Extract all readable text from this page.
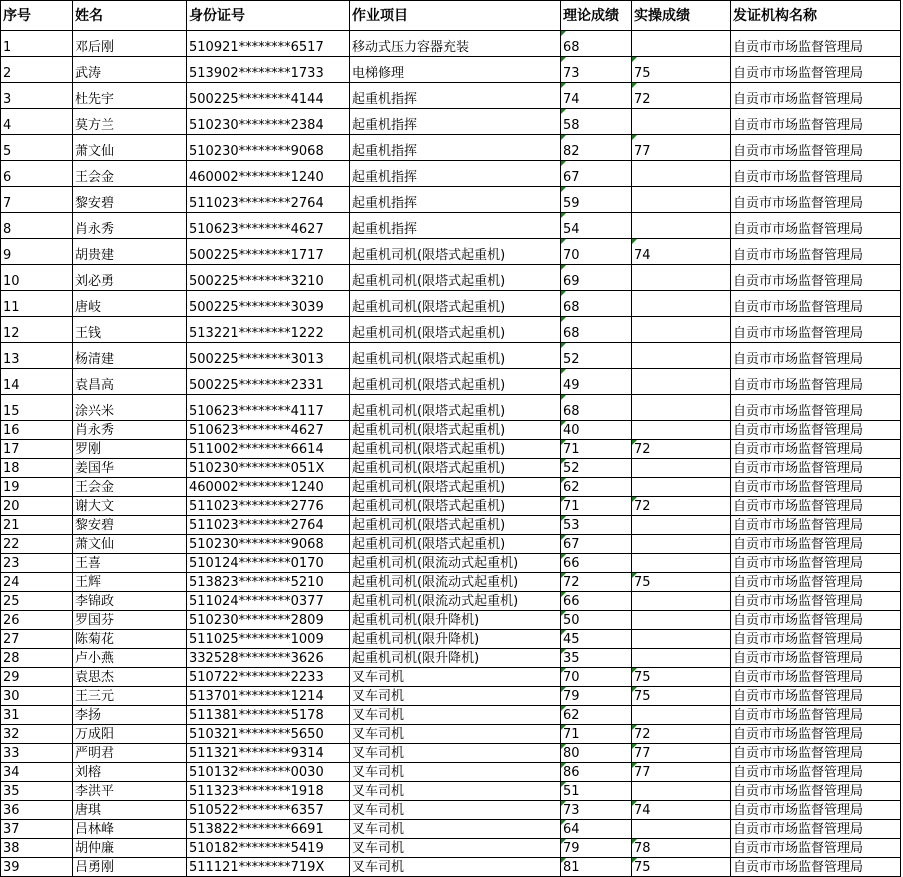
序号	姓名	身份证号	作业项目	理论成绩	实操成绩	发证机构名称
1	邓后刚	510921********6517	移动式压力容器充装	68		自贡市市场监督管理局
2	武涛	513902********1733	电梯修理	73	75	自贡市市场监督管理局
3	杜先宇	500225********4144	起重机指挥	74	72	自贡市市场监督管理局
4	莫方兰	510230********2384	起重机指挥	58		自贡市市场监督管理局
5	萧文仙	510230********9068	起重机指挥	82	77	自贡市市场监督管理局
6	王会金	460002********1240	起重机指挥	67		自贡市市场监督管理局
7	黎安碧	511023********2764	起重机指挥	59		自贡市市场监督管理局
8	肖永秀	510623********4627	起重机指挥	54		自贡市市场监督管理局
9	胡贵建	500225********1717	起重机司机(限塔式起重机)	70	74	自贡市市场监督管理局
10	刘必勇	500225********3210	起重机司机(限塔式起重机)	69		自贡市市场监督管理局
11	唐岐	500225********3039	起重机司机(限塔式起重机)	68		自贡市市场监督管理局
12	王钱	513221********1222	起重机司机(限塔式起重机)	68		自贡市市场监督管理局
13	杨清建	500225********3013	起重机司机(限塔式起重机)	52		自贡市市场监督管理局
14	袁昌高	500225********2331	起重机司机(限塔式起重机)	49		自贡市市场监督管理局
15	涂兴米	510623********4117	起重机司机(限塔式起重机)	68		自贡市市场监督管理局
16	肖永秀	510623********4627	起重机司机(限塔式起重机)	40		自贡市市场监督管理局
17	罗刚	511002********6614	起重机司机(限塔式起重机)	71	72	自贡市市场监督管理局
18	姜国华	510230********051X	起重机司机(限塔式起重机)	52		自贡市市场监督管理局
19	王会金	460002********1240	起重机司机(限塔式起重机)	62		自贡市市场监督管理局
20	谢大文	511023********2776	起重机司机(限塔式起重机)	71	72	自贡市市场监督管理局
21	黎安碧	511023********2764	起重机司机(限塔式起重机)	53		自贡市市场监督管理局
22	萧文仙	510230********9068	起重机司机(限塔式起重机)	67		自贡市市场监督管理局
23	王喜	510124********0170	起重机司机(限流动式起重机)	66		自贡市市场监督管理局
24	王辉	513823********5210	起重机司机(限流动式起重机)	72	75	自贡市市场监督管理局
25	李锦政	511024********0377	起重机司机(限流动式起重机)	66		自贡市市场监督管理局
26	罗国芬	510230********2809	起重机司机(限升降机)	50		自贡市市场监督管理局
27	陈菊花	511025********1009	起重机司机(限升降机)	45		自贡市市场监督管理局
28	卢小燕	332528********3626	起重机司机(限升降机)	35		自贡市市场监督管理局
29	袁思杰	510722********2233	叉车司机	70	75	自贡市市场监督管理局
30	王三元	513701********1214	叉车司机	79	75	自贡市市场监督管理局
31	李扬	511381********5178	叉车司机	62		自贡市市场监督管理局
32	万成阳	510321********5650	叉车司机	71	72	自贡市市场监督管理局
33	严明君	511321********9314	叉车司机	80	77	自贡市市场监督管理局
34	刘榕	510132********0030	叉车司机	86	77	自贡市市场监督管理局
35	李洪平	511323********1918	叉车司机	51		自贡市市场监督管理局
36	唐琪	510522********6357	叉车司机	73	74	自贡市市场监督管理局
37	吕林峰	513822********6691	叉车司机	64		自贡市市场监督管理局
38	胡仲廉	510182********5419	叉车司机	79	78	自贡市市场监督管理局
39	吕勇刚	511121********719X	叉车司机	81	75	自贡市市场监督管理局
